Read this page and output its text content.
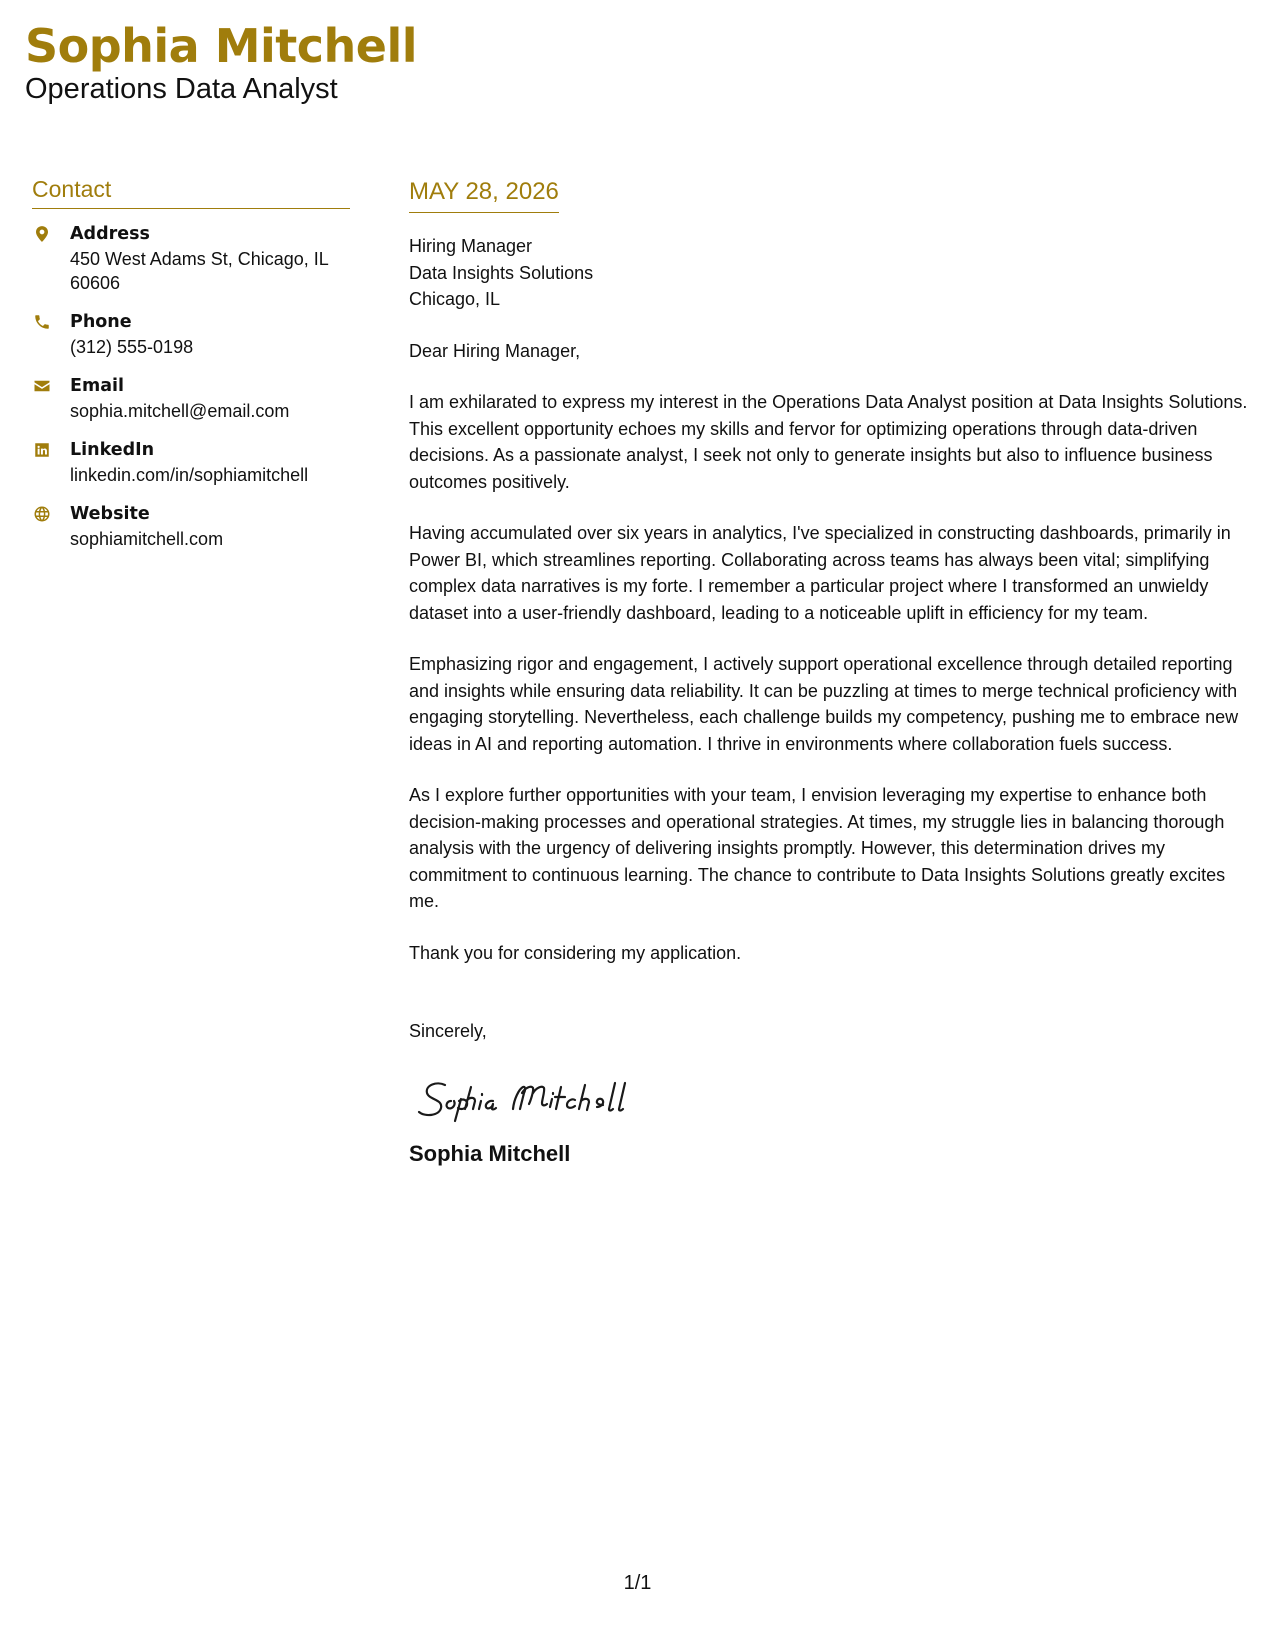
Sophia Mitchell
Operations Data Analyst
Contact
Address
450 West Adams St, Chicago, IL 60606
Phone
(312) 555-0198
Email
sophia.mitchell@email.com
LinkedIn
linkedin.com/in/sophiamitchell
Website
sophiamitchell.com
MAY 28, 2026
Hiring Manager
Data Insights Solutions
Chicago, IL
Dear Hiring Manager,
I am exhilarated to express my interest in the Operations Data Analyst position at Data Insights Solutions. This excellent opportunity echoes my skills and fervor for optimizing operations through data-driven decisions. As a passionate analyst, I seek not only to generate insights but also to influence business outcomes positively.
Having accumulated over six years in analytics, I've specialized in constructing dashboards, primarily in Power BI, which streamlines reporting. Collaborating across teams has always been vital; simplifying complex data narratives is my forte. I remember a particular project where I transformed an unwieldy dataset into a user-friendly dashboard, leading to a noticeable uplift in efficiency for my team.
Emphasizing rigor and engagement, I actively support operational excellence through detailed reporting and insights while ensuring data reliability. It can be puzzling at times to merge technical proficiency with engaging storytelling. Nevertheless, each challenge builds my competency, pushing me to embrace new ideas in AI and reporting automation. I thrive in environments where collaboration fuels success.
As I explore further opportunities with your team, I envision leveraging my expertise to enhance both decision-making processes and operational strategies. At times, my struggle lies in balancing thorough analysis with the urgency of delivering insights promptly. However, this determination drives my commitment to continuous learning. The chance to contribute to Data Insights Solutions greatly excites me.
Thank you for considering my application.
Sincerely,
Sophia Mitchell
1/1
